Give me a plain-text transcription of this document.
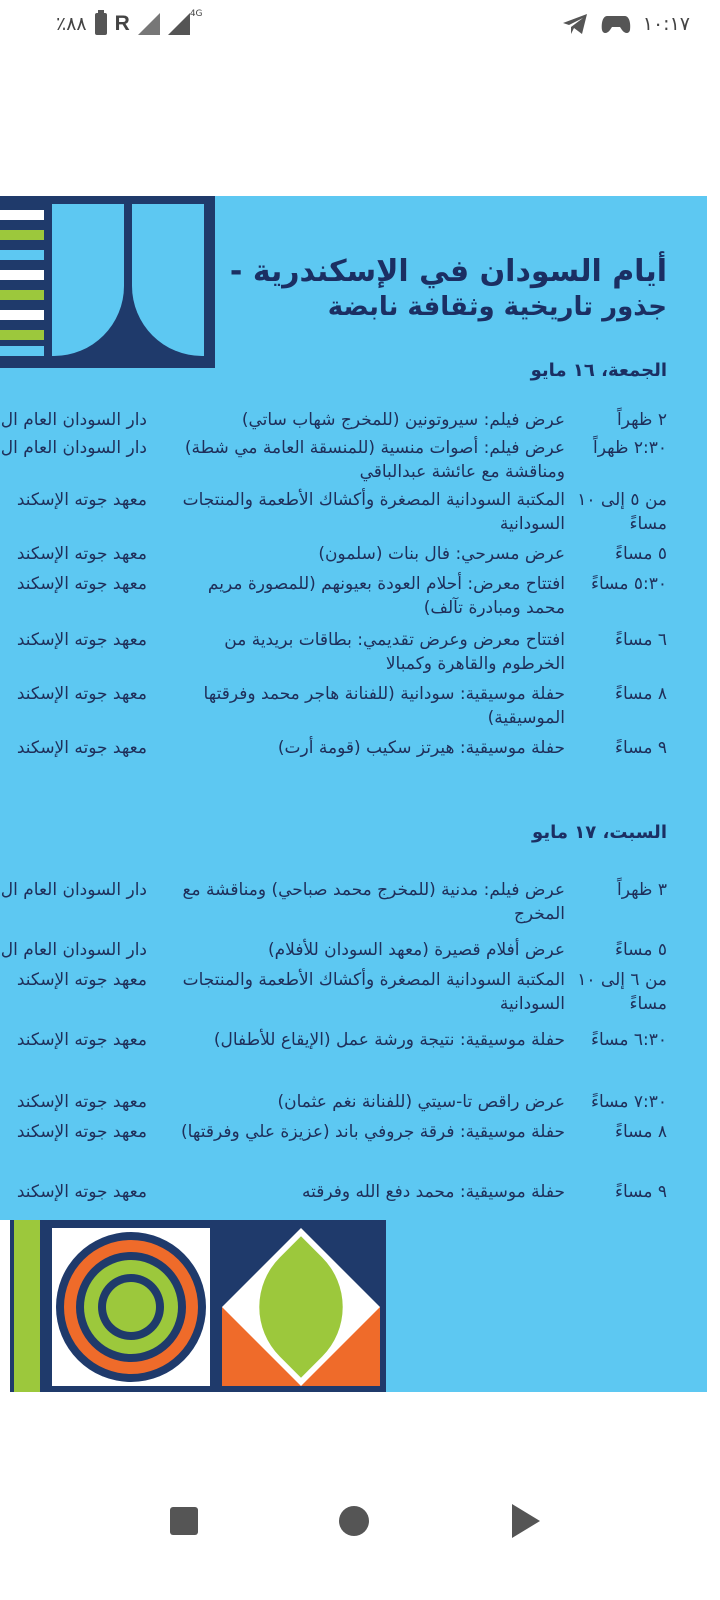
٪٨٨ R	4G	١٠:١٧
أيام السودان في الإسكندرية -
جذور تاريخية وثقافة نابضة
الجمعة، ١٦ مايو
٢ ظهراً
عرض فيلم: سيروتونين (للمخرج شهاب ساتي)
دار السودان العام ال
٢:٣٠ ظهراً
عرض فيلم: أصوات منسية (للمنسقة العامة مي شطة) ومناقشة مع عائشة عبدالباقي
دار السودان العام ال
من ٥ إلى ١٠ مساءً
المكتبة السودانية المصغرة وأكشاك الأطعمة والمنتجات السودانية
معهد جوته الإسكند
٥ مساءً
عرض مسرحي: فال بنات (سلمون)
معهد جوته الإسكند
٥:٣٠ مساءً
افتتاح معرض: أحلام العودة بعيونهم (للمصورة مريم محمد ومبادرة تآلف)
معهد جوته الإسكند
٦ مساءً
افتتاح معرض وعرض تقديمي: بطاقات بريدية من الخرطوم والقاهرة وكمبالا
معهد جوته الإسكند
٨ مساءً
حفلة موسيقية: سودانية (للفنانة هاجر محمد وفرقتها الموسيقية)
معهد جوته الإسكند
٩ مساءً
حفلة موسيقية: هيرتز سكيب (قومة أرت)
معهد جوته الإسكند
السبت، ١٧ مايو
٣ ظهراً
عرض فيلم: مدنية (للمخرج محمد صباحي) ومناقشة مع المخرج
دار السودان العام ال
٥ مساءً
عرض أفلام قصيرة (معهد السودان للأفلام)
دار السودان العام ال
من ٦ إلى ١٠ مساءً
المكتبة السودانية المصغرة وأكشاك الأطعمة والمنتجات السودانية
معهد جوته الإسكند
٦:٣٠ مساءً
حفلة موسيقية: نتيجة ورشة عمل (الإيقاع للأطفال)
معهد جوته الإسكند
٧:٣٠ مساءً
عرض راقص تا-سيتي (للفنانة نغم عثمان)
معهد جوته الإسكند
٨ مساءً
حفلة موسيقية: فرقة جروفي باند (عزيزة علي وفرقتها)
معهد جوته الإسكند
٩ مساءً
حفلة موسيقية: محمد دفع الله وفرقته
معهد جوته الإسكند
